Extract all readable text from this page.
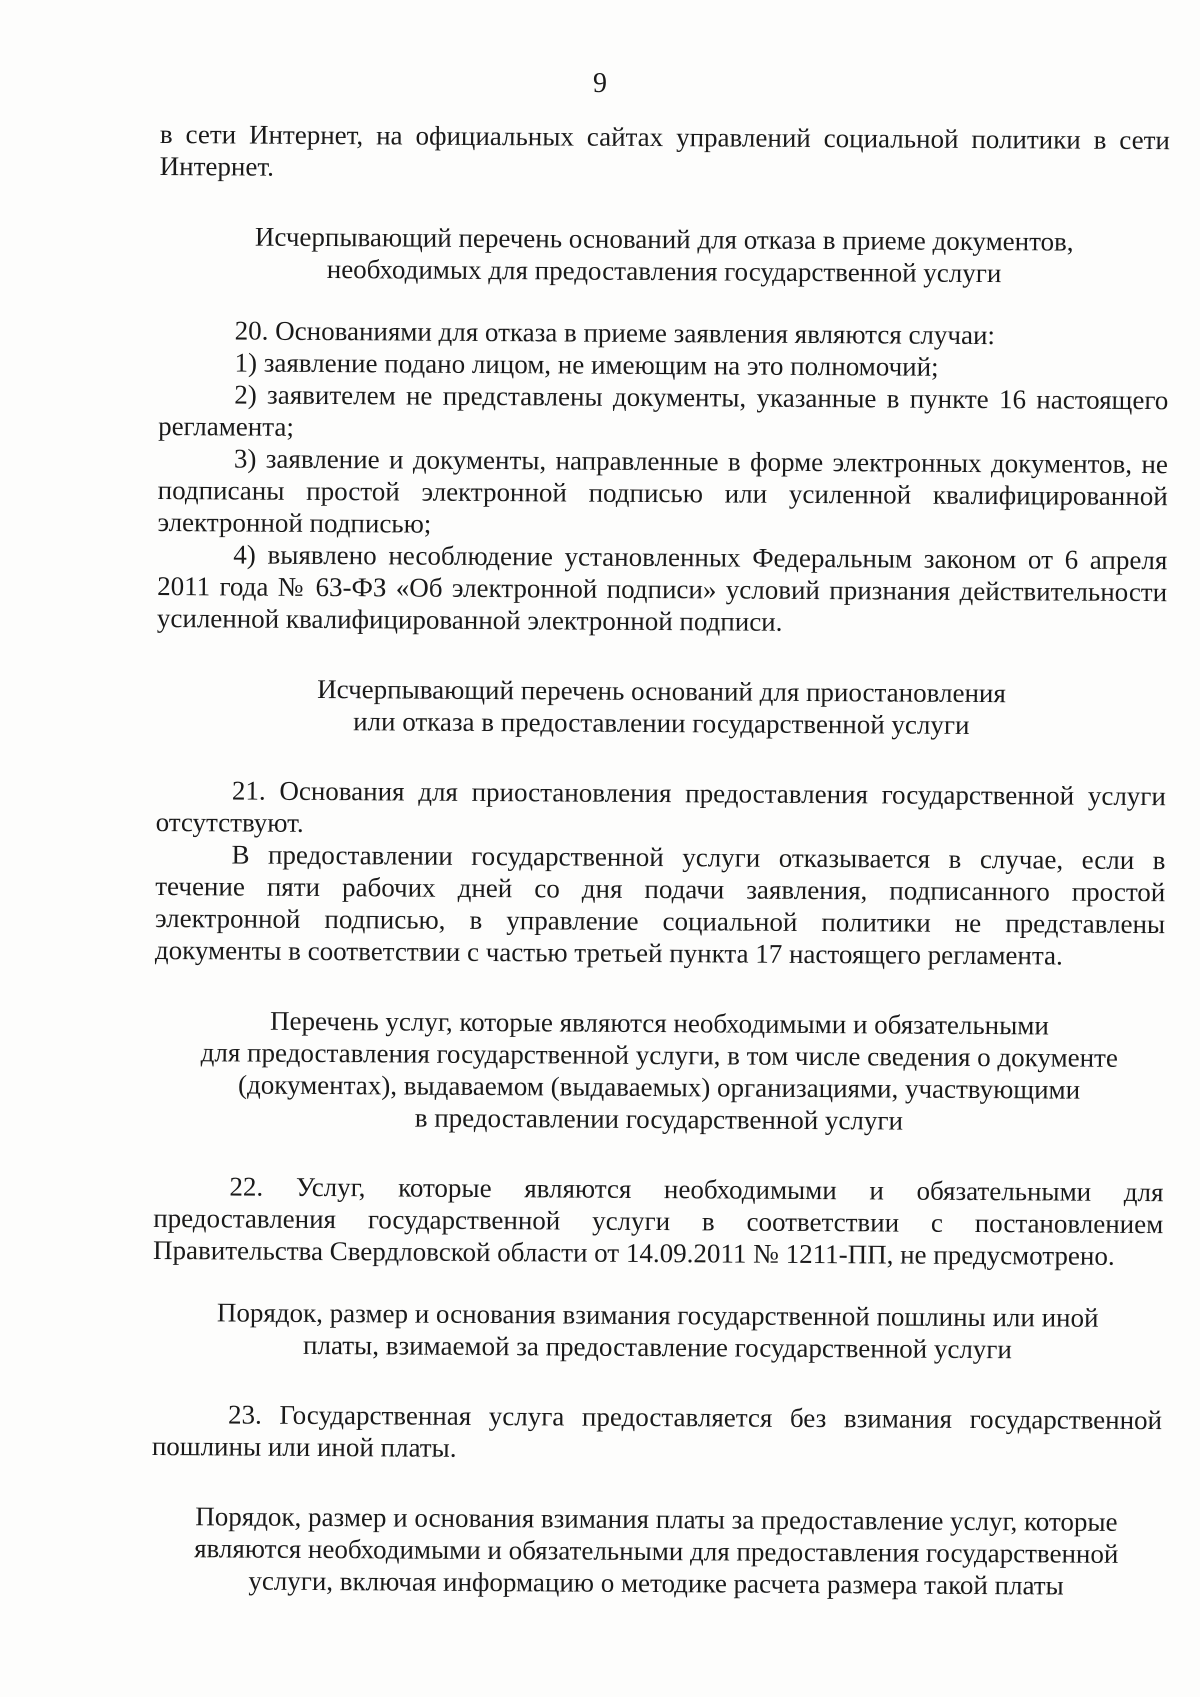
9

в сети Интернет, на официальных сайтах управлений социальной политики в сети Интернет.

Исчерпывающий перечень оснований для отказа в приеме документов,
необходимых для предоставления государственной услуги

20. Основаниями для отказа в приеме заявления являются случаи:

1) заявление подано лицом, не имеющим на это полномочий;

2) заявителем не представлены документы, указанные в пункте 16 настоящего регламента;

3) заявление и документы, направленные в форме электронных документов, не подписаны простой электронной подписью или усиленной квалифицированной электронной подписью;

4) выявлено несоблюдение установленных Федеральным законом от 6 апреля 2011 года № 63-ФЗ «Об электронной подписи» условий признания действительности усиленной квалифицированной электронной подписи.

Исчерпывающий перечень оснований для приостановления
или отказа в предоставлении государственной услуги

21. Основания для приостановления предоставления государственной услуги отсутствуют.

В предоставлении государственной услуги отказывается в случае, если в течение пяти рабочих дней со дня подачи заявления, подписанного простой электронной подписью, в управление социальной политики не представлены документы в соответствии с частью третьей пункта 17 настоящего регламента.

Перечень услуг, которые являются необходимыми и обязательными
для предоставления государственной услуги, в том числе сведения о документе
(документах), выдаваемом (выдаваемых) организациями, участвующими
в предоставлении государственной услуги

22. Услуг, которые являются необходимыми и обязательными для предоставления государственной услуги в соответствии с постановлением Правительства Свердловской области от 14.09.2011 № 1211-ПП, не предусмотрено.

Порядок, размер и основания взимания государственной пошлины или иной
платы, взимаемой за предоставление государственной услуги

23. Государственная услуга предоставляется без взимания государственной пошлины или иной платы.

Порядок, размер и основания взимания платы за предоставление услуг, которые
являются необходимыми и обязательными для предоставления государственной
услуги, включая информацию о методике расчета размера такой платы
